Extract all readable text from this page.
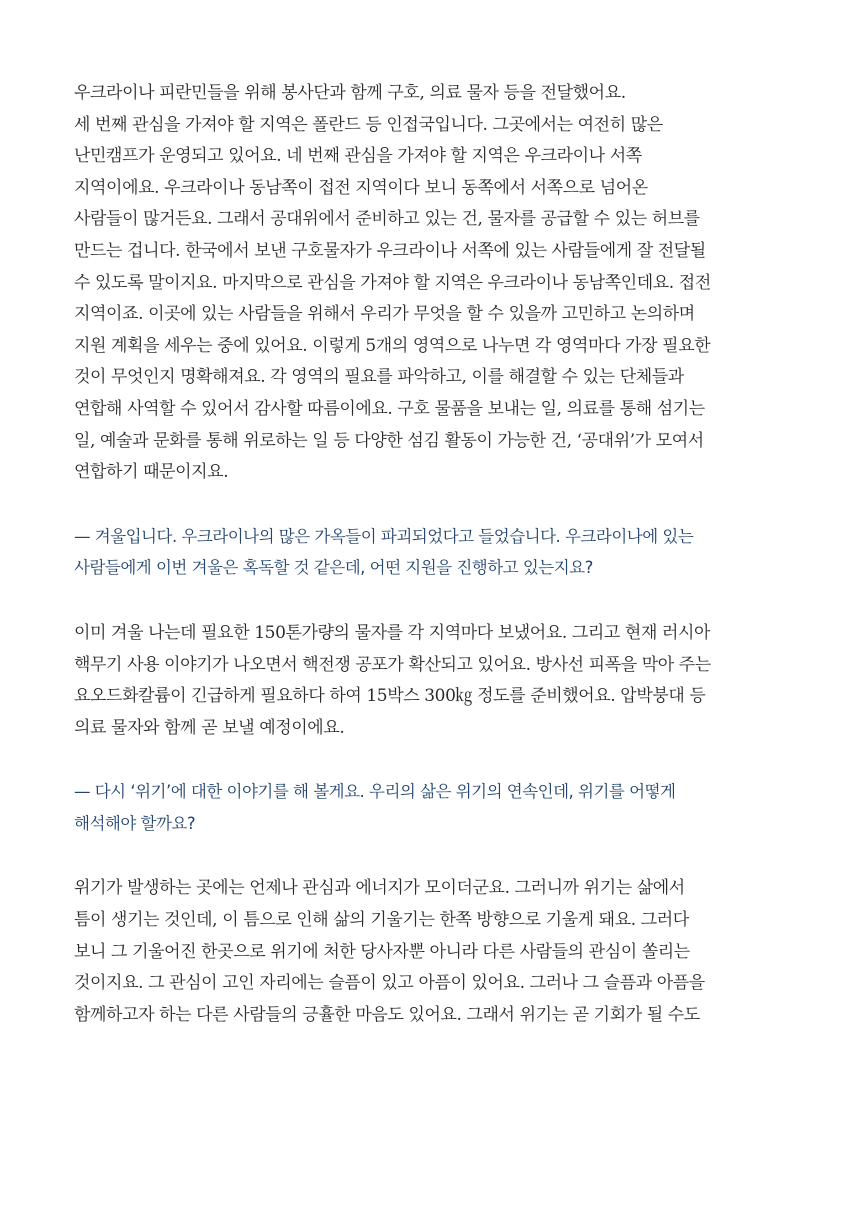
우크라이나 피란민들을 위해 봉사단과 함께 구호, 의료 물자 등을 전달했어요.

세 번째 관심을 가져야 할 지역은 폴란드 등 인접국입니다. 그곳에서는 여전히 많은

난민캠프가 운영되고 있어요. 네 번째 관심을 가져야 할 지역은 우크라이나 서쪽

지역이에요. 우크라이나 동남쪽이 접전 지역이다 보니 동쪽에서 서쪽으로 넘어온

사람들이 많거든요. 그래서 공대위에서 준비하고 있는 건, 물자를 공급할 수 있는 허브를

만드는 겁니다. 한국에서 보낸 구호물자가 우크라이나 서쪽에 있는 사람들에게 잘 전달될

수 있도록 말이지요. 마지막으로 관심을 가져야 할 지역은 우크라이나 동남쪽인데요. 접전

지역이죠. 이곳에 있는 사람들을 위해서 우리가 무엇을 할 수 있을까 고민하고 논의하며

지원 계획을 세우는 중에 있어요. 이렇게 5개의 영역으로 나누면 각 영역마다 가장 필요한

것이 무엇인지 명확해져요. 각 영역의 필요를 파악하고, 이를 해결할 수 있는 단체들과

연합해 사역할 수 있어서 감사할 따름이에요. 구호 물품을 보내는 일, 의료를 통해 섬기는

일, 예술과 문화를 통해 위로하는 일 등 다양한 섬김 활동이 가능한 건, ‘공대위’가 모여서

연합하기 때문이지요.

— 겨울입니다. 우크라이나의 많은 가옥들이 파괴되었다고 들었습니다. 우크라이나에 있는

사람들에게 이번 겨울은 혹독할 것 같은데, 어떤 지원을 진행하고 있는지요?

이미 겨울 나는데 필요한 150톤가량의 물자를 각 지역마다 보냈어요. 그리고 현재 러시아

핵무기 사용 이야기가 나오면서 핵전쟁 공포가 확산되고 있어요. 방사선 피폭을 막아 주는

요오드화칼륨이 긴급하게 필요하다 하여 15박스 300㎏ 정도를 준비했어요. 압박붕대 등

의료 물자와 함께 곧 보낼 예정이에요.

— 다시 ‘위기’에 대한 이야기를 해 볼게요. 우리의 삶은 위기의 연속인데, 위기를 어떻게

해석해야 할까요?

위기가 발생하는 곳에는 언제나 관심과 에너지가 모이더군요. 그러니까 위기는 삶에서

틈이 생기는 것인데, 이 틈으로 인해 삶의 기울기는 한쪽 방향으로 기울게 돼요. 그러다

보니 그 기울어진 한곳으로 위기에 처한 당사자뿐 아니라 다른 사람들의 관심이 쏠리는

것이지요. 그 관심이 고인 자리에는 슬픔이 있고 아픔이 있어요. 그러나 그 슬픔과 아픔을

함께하고자 하는 다른 사람들의 긍휼한 마음도 있어요. 그래서 위기는 곧 기회가 될 수도
